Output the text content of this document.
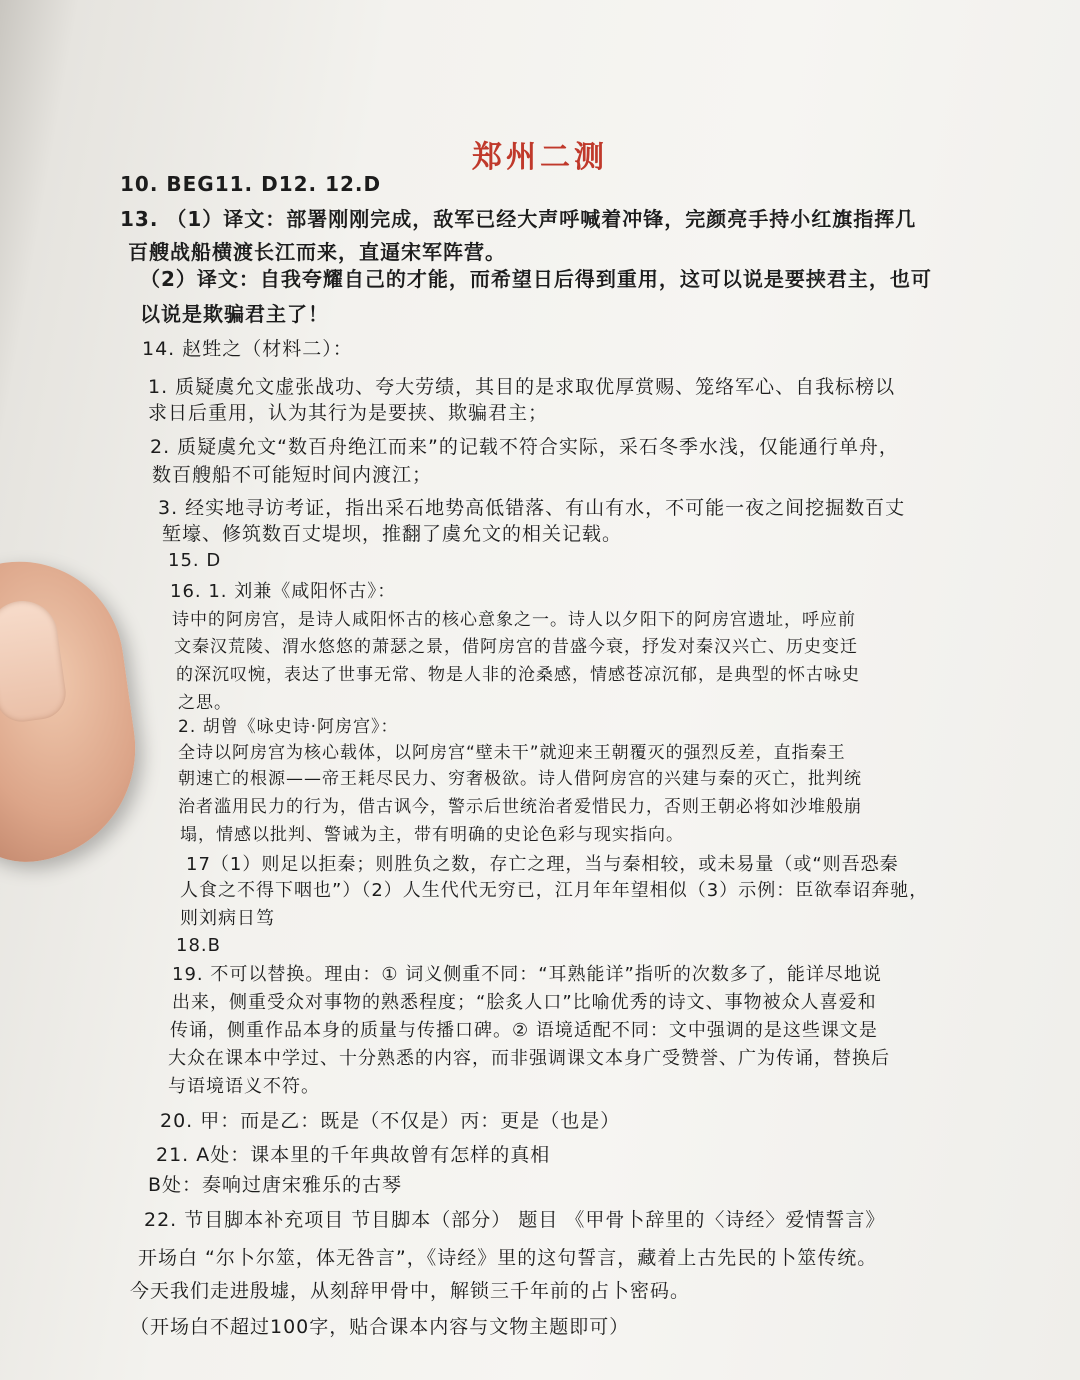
郑州二测
10. BEG11. D12. 12.D
13. （1）译文：部署刚刚完成，敌军已经大声呼喊着冲锋，完颜亮手持小红旗指挥几
百艘战船横渡长江而来，直逼宋军阵营。
（2）译文：自我夸耀自己的才能，而希望日后得到重用，这可以说是要挟君主，也可
以说是欺骗君主了！
14. 赵甡之（材料二）：
1. 质疑虞允文虚张战功、夸大劳绩，其目的是求取优厚赏赐、笼络军心、自我标榜以
求日后重用，认为其行为是要挟、欺骗君主；
2. 质疑虞允文“数百舟绝江而来”的记载不符合实际，采石冬季水浅，仅能通行单舟，
数百艘船不可能短时间内渡江；
3. 经实地寻访考证，指出采石地势高低错落、有山有水，不可能一夜之间挖掘数百丈
堑壕、修筑数百丈堤坝，推翻了虞允文的相关记载。
15. D
16. 1. 刘兼《咸阳怀古》：
诗中的阿房宫，是诗人咸阳怀古的核心意象之一。诗人以夕阳下的阿房宫遗址，呼应前
文秦汉荒陵、渭水悠悠的萧瑟之景，借阿房宫的昔盛今衰，抒发对秦汉兴亡、历史变迁
的深沉叹惋，表达了世事无常、物是人非的沧桑感，情感苍凉沉郁，是典型的怀古咏史
之思。
2. 胡曾《咏史诗·阿房宫》：
全诗以阿房宫为核心载体，以阿房宫“壁未干”就迎来王朝覆灭的强烈反差，直指秦王
朝速亡的根源——帝王耗尽民力、穷奢极欲。诗人借阿房宫的兴建与秦的灭亡，批判统
治者滥用民力的行为，借古讽今，警示后世统治者爱惜民力，否则王朝必将如沙堆般崩
塌，情感以批判、警诫为主，带有明确的史论色彩与现实指向。
17（1）则足以拒秦；则胜负之数，存亡之理，当与秦相较，或未易量（或“则吾恐秦
人食之不得下咽也”）（2）人生代代无穷已，江月年年望相似（3）示例：臣欲奉诏奔驰，
则刘病日笃
18.B
19. 不可以替换。理由：① 词义侧重不同：“耳熟能详”指听的次数多了，能详尽地说
出来，侧重受众对事物的熟悉程度；“脍炙人口”比喻优秀的诗文、事物被众人喜爱和
传诵，侧重作品本身的质量与传播口碑。② 语境适配不同：文中强调的是这些课文是
大众在课本中学过、十分熟悉的内容，而非强调课文本身广受赞誉、广为传诵，替换后
与语境语义不符。
20. 甲：而是乙：既是（不仅是）丙：更是（也是）
21. A处：课本里的千年典故曾有怎样的真相
B处：奏响过唐宋雅乐的古琴
22. 节目脚本补充项目 节目脚本（部分） 题目 《甲骨卜辞里的〈诗经〉爱情誓言》
开场白 “尔卜尔筮，体无咎言”，《诗经》里的这句誓言，藏着上古先民的卜筮传统。
今天我们走进殷墟，从刻辞甲骨中，解锁三千年前的占卜密码。
（开场白不超过100字，贴合课本内容与文物主题即可）
